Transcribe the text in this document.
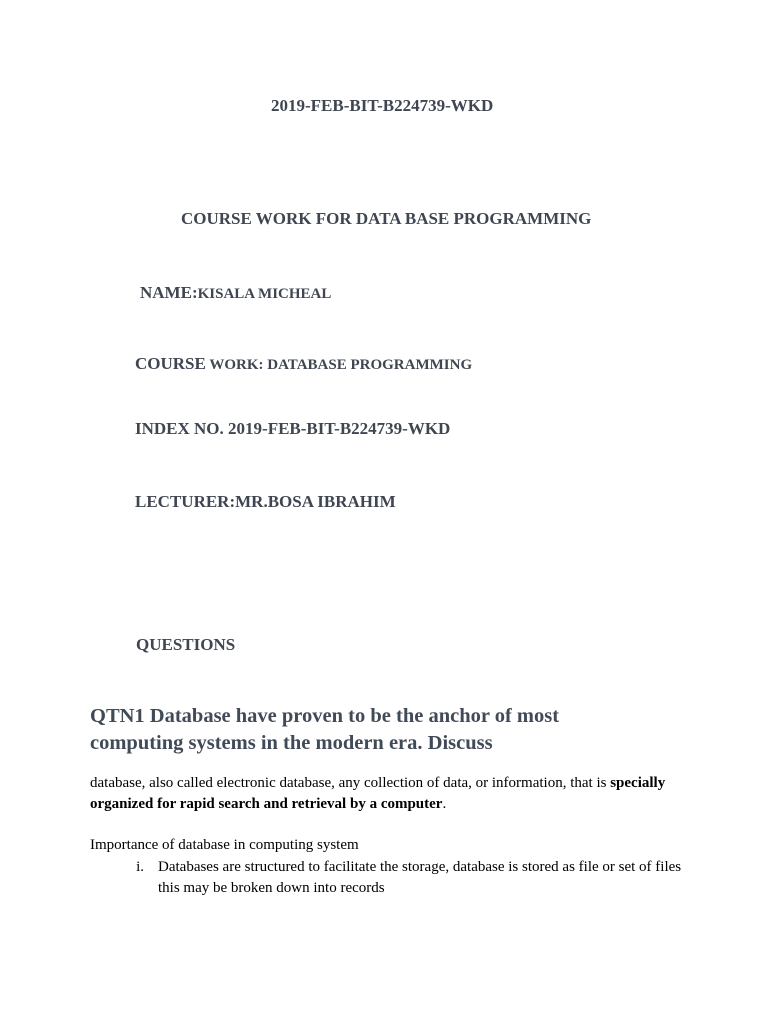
2019-FEB-BIT-B224739-WKD
COURSE WORK FOR DATA BASE PROGRAMMING
NAME:KISALA MICHEAL
COURSE WORK: DATABASE PROGRAMMING
INDEX NO. 2019-FEB-BIT-B224739-WKD
LECTURER:MR.BOSA IBRAHIM
QUESTIONS
QTN1 Database have proven to be the anchor of most computing systems in the modern era. Discuss
database, also called electronic database, any collection of data, or information, that is specially organized for rapid search and retrieval by a computer.
Importance of database in computing system
i. Databases are structured to facilitate the storage, database is stored as file or set of files this may be broken down into records
